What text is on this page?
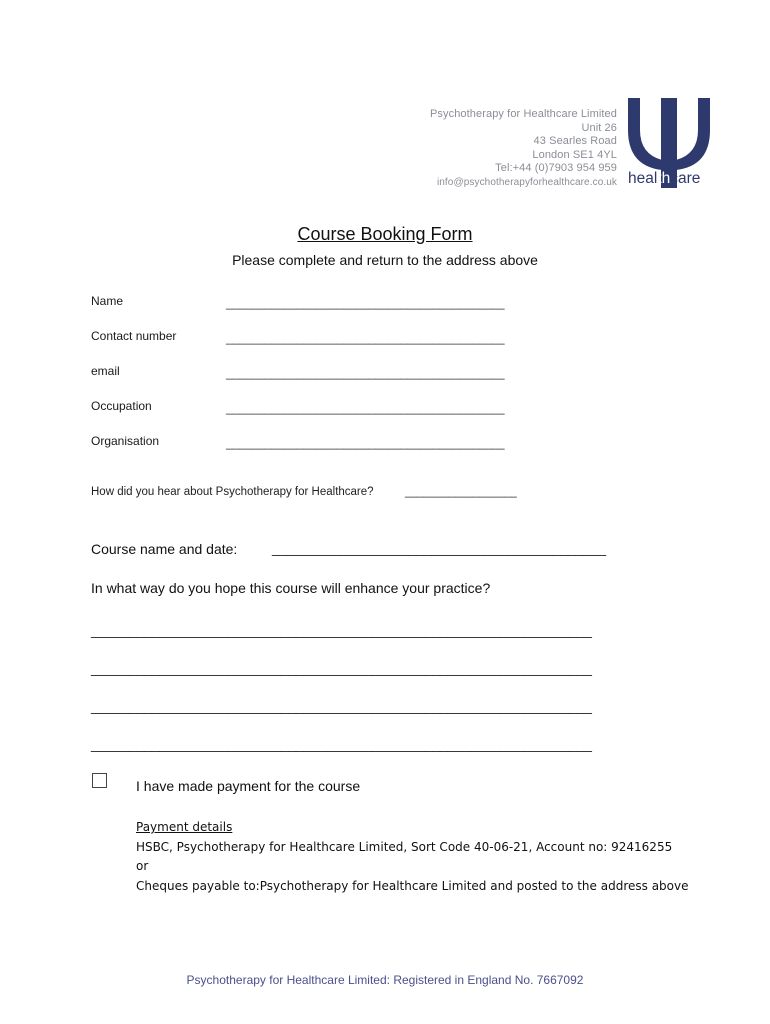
Psychotherapy for Healthcare Limited
Unit 26
43 Searles Road
London SE1 4YL
Tel:+44 (0)7903 954 959
info@psychotherapyforhealthcare.co.uk healthcare
Course Booking Form
Please complete and return to the address above
Name	___________________________________________
Contact number	___________________________________________
email	___________________________________________
Occupation	___________________________________________
Organisation	___________________________________________
How did you hear about Psychotherapy for Healthcare?	__________________
Course name and date: ____________________________________________
In what way do you hope this course will enhance your practice?
__________________________________________________________________
__________________________________________________________________
__________________________________________________________________
__________________________________________________________________
I have made payment for the course
Payment details
HSBC, Psychotherapy for Healthcare Limited, Sort Code 40-06-21, Account no: 92416255
or
Cheques payable to:Psychotherapy for Healthcare Limited and posted to the address above
Psychotherapy for Healthcare Limited: Registered in England No. 7667092
